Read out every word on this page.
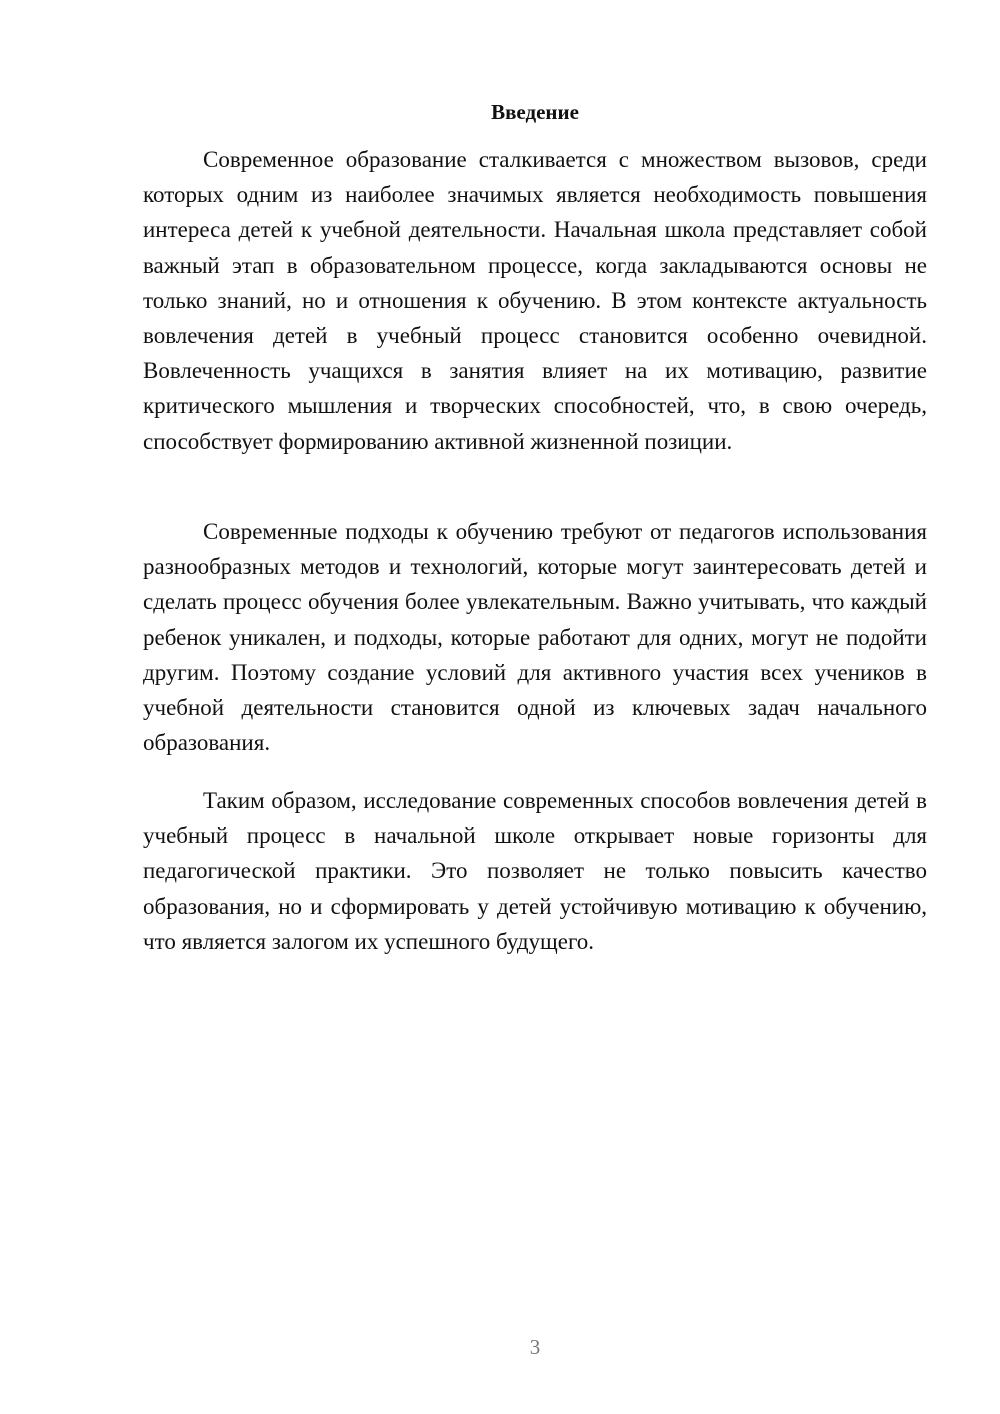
Введение

Современное образование сталкивается с множеством вызовов, среди которых одним из наиболее значимых является необходимость повышения интереса детей к учебной деятельности. Начальная школа представляет собой важный этап в образовательном процессе, когда закладываются основы не только знаний, но и отношения к обучению. В этом контексте актуальность вовлечения детей в учебный процесс становится особенно очевидной. Вовлеченность учащихся в занятия влияет на их мотивацию, развитие критического мышления и творческих способностей, что, в свою очередь, способствует формированию активной жизненной позиции.

Современные подходы к обучению требуют от педагогов использования разнообразных методов и технологий, которые могут заинтересовать детей и сделать процесс обучения более увлекательным. Важно учитывать, что каждый ребенок уникален, и подходы, которые работают для одних, могут не подойти другим. Поэтому создание условий для активного участия всех учеников в учебной деятельности становится одной из ключевых задач начального образования.

Таким образом, исследование современных способов вовлечения детей в учебный процесс в начальной школе открывает новые горизонты для педагогической практики. Это позволяет не только повысить качество образования, но и сформировать у детей устойчивую мотивацию к обучению, что является залогом их успешного будущего.

3
